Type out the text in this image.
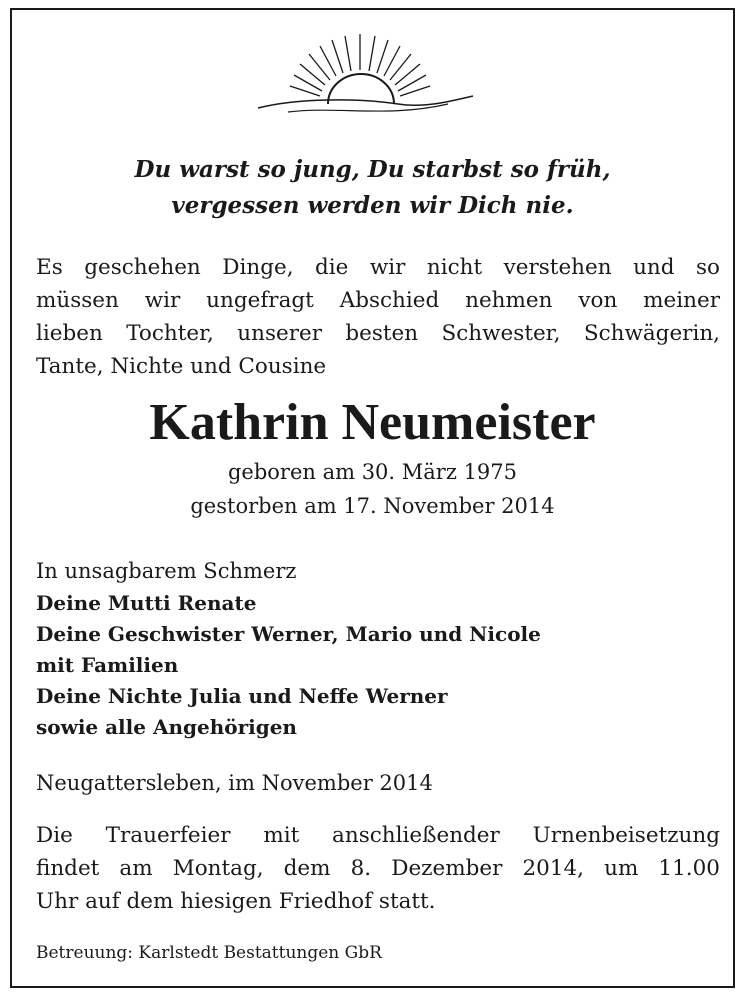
Du warst so jung, Du starbst so früh,
vergessen werden wir Dich nie.
Es geschehen Dinge, die wir nicht verstehen und so
müssen wir ungefragt Abschied nehmen von meiner
lieben Tochter, unserer besten Schwester, Schwägerin,
Tante, Nichte und Cousine
Kathrin Neumeister
geboren am 30. März 1975
gestorben am 17. November 2014
In unsagbarem Schmerz
Deine Mutti Renate
Deine Geschwister Werner, Mario und Nicole
mit Familien
Deine Nichte Julia und Neffe Werner
sowie alle Angehörigen
Neugattersleben, im November 2014
Die Trauerfeier mit anschließender Urnenbeisetzung
findet am Montag, dem 8. Dezember 2014, um 11.00
Uhr auf dem hiesigen Friedhof statt.
Betreuung: Karlstedt Bestattungen GbR
